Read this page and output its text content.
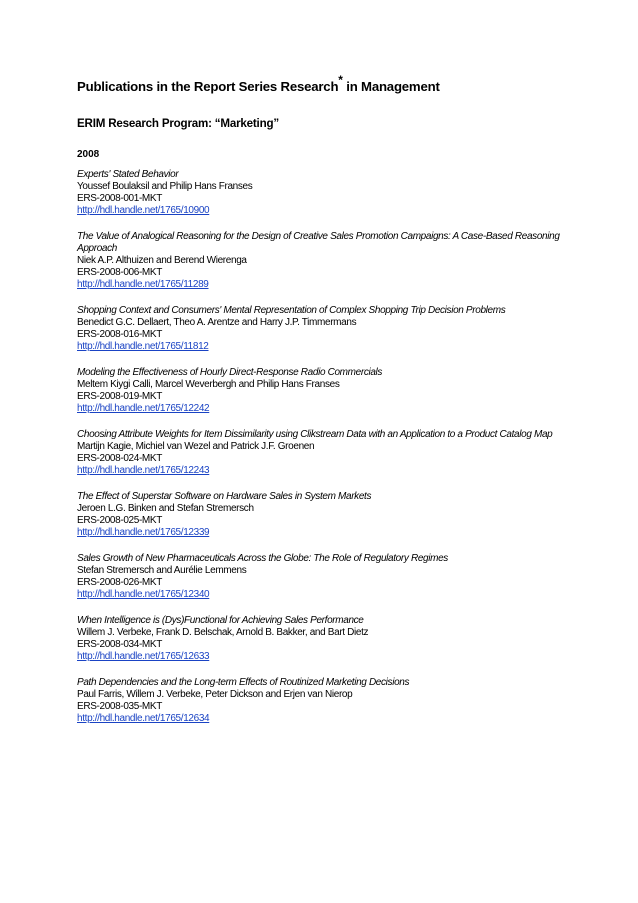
Publications in the Report Series Research* in Management

ERIM Research Program: “Marketing”

2008

Experts' Stated Behavior
Youssef Boulaksil and Philip Hans Franses
ERS-2008-001-MKT
http://hdl.handle.net/1765/10900
The Value of Analogical Reasoning for the Design of Creative Sales Promotion Campaigns: A Case-Based Reasoning Approach
Niek A.P. Althuizen and Berend Wierenga
ERS-2008-006-MKT
http://hdl.handle.net/1765/11289
Shopping Context and Consumers' Mental Representation of Complex Shopping Trip Decision Problems
Benedict G.C. Dellaert, Theo A. Arentze and Harry J.P. Timmermans
ERS-2008-016-MKT
http://hdl.handle.net/1765/11812
Modeling the Effectiveness of Hourly Direct-Response Radio Commercials
Meltem Kiygi Calli, Marcel Weverbergh and Philip Hans Franses
ERS-2008-019-MKT
http://hdl.handle.net/1765/12242
Choosing Attribute Weights for Item Dissimilarity using Clikstream Data with an Application to a Product Catalog Map
Martijn Kagie, Michiel van Wezel and Patrick J.F. Groenen
ERS-2008-024-MKT
http://hdl.handle.net/1765/12243
The Effect of Superstar Software on Hardware Sales in System Markets
Jeroen L.G. Binken and Stefan Stremersch
ERS-2008-025-MKT
http://hdl.handle.net/1765/12339
Sales Growth of New Pharmaceuticals Across the Globe: The Role of Regulatory Regimes
Stefan Stremersch and Aurélie Lemmens
ERS-2008-026-MKT
http://hdl.handle.net/1765/12340
When Intelligence is (Dys)Functional for Achieving Sales Performance
Willem J. Verbeke, Frank D. Belschak, Arnold B. Bakker, and Bart Dietz
ERS-2008-034-MKT
http://hdl.handle.net/1765/12633
Path Dependencies and the Long-term Effects of Routinized Marketing Decisions
Paul Farris, Willem J. Verbeke, Peter Dickson and Erjen van Nierop
ERS-2008-035-MKT
http://hdl.handle.net/1765/12634
